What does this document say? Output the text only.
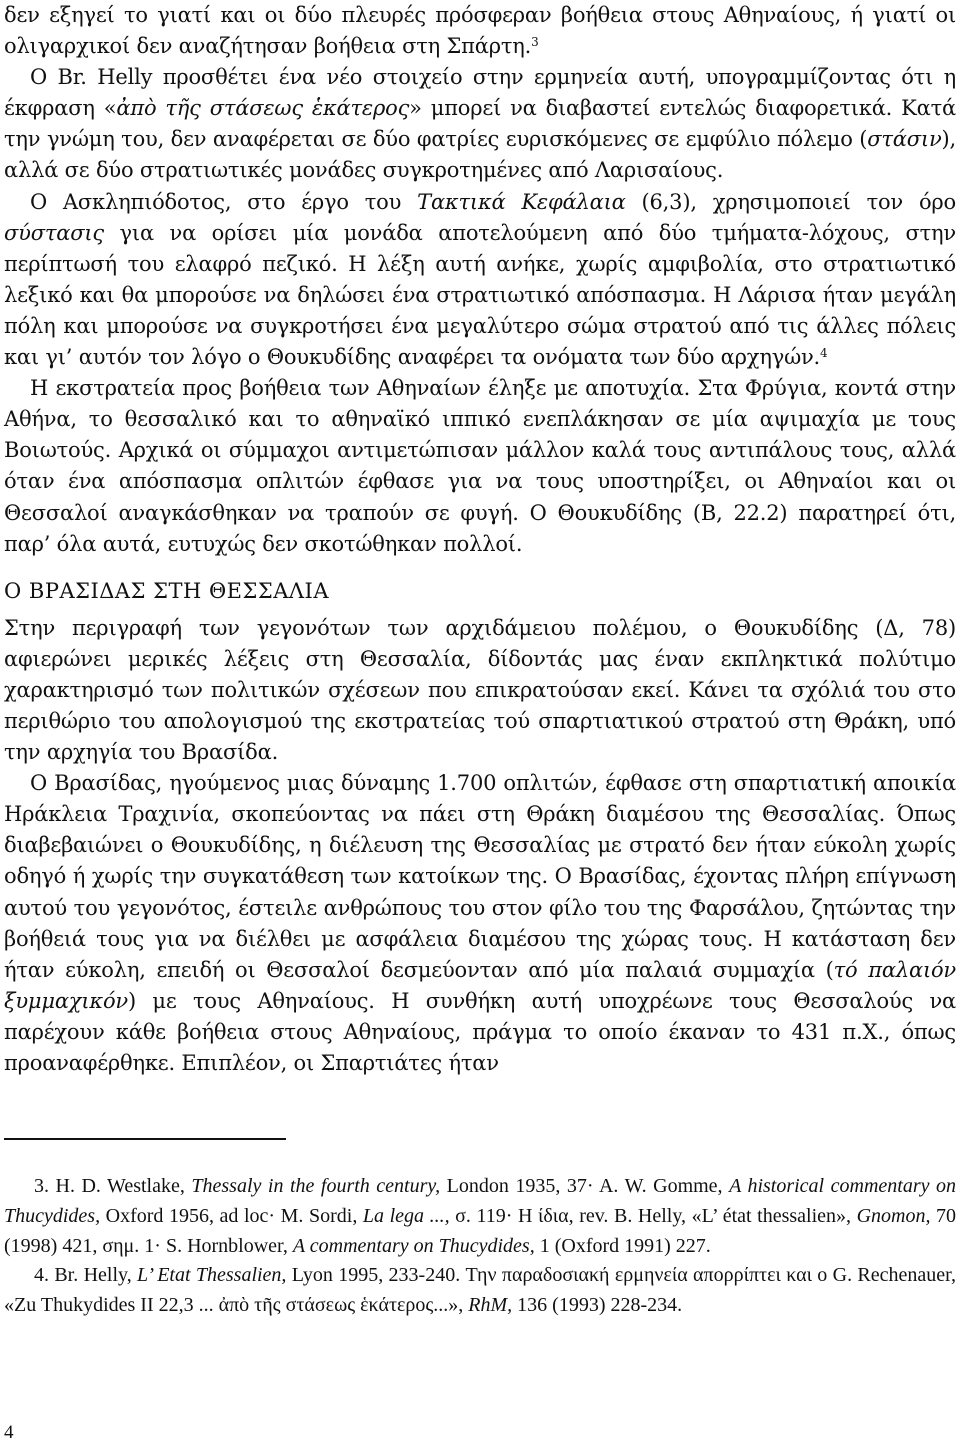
δεν εξηγεί το γιατί και οι δύο πλευρές πρόσφεραν βοήθεια στους Αθηναίους, ή γιατί οι ολιγαρχικοί δεν αναζήτησαν βοήθεια στη Σπάρτη.$^3$

Ο Br. Helly προσθέτει ένα νέο στοιχείο στην ερμηνεία αυτή, υπογραμμίζοντας ότι η έκφραση «ἀπὸ τῆς στάσεως ἑκάτερος» μπορεί να διαβαστεί εντελώς διαφορετικά. Κατά την γνώμη του, δεν αναφέρεται σε δύο φατρίες ευρισκόμενες σε εμφύλιο πόλεμο (στάσιν), αλλά σε δύο στρατιωτικές μονάδες συγκροτημένες από Λαρισαίους.

Ο Ασκληπιόδοτος, στο έργο του Τακτικά Κεφάλαια (6,3), χρησιμοποιεί τον όρο σύστασις για να ορίσει μία μονάδα αποτελούμενη από δύο τμήματα-λόχους, στην περίπτωσή του ελαφρό πεζικό. Η λέξη αυτή ανήκε, χωρίς αμφιβολία, στο στρατιωτικό λεξικό και θα μπορούσε να δηλώσει ένα στρατιωτικό απόσπασμα. Η Λάρισα ήταν μεγάλη πόλη και μπορούσε να συγκροτήσει ένα μεγαλύτερο σώμα στρατού από τις άλλες πόλεις και γι’ αυτόν τον λόγο ο Θουκυδίδης αναφέρει τα ονόματα των δύο αρχηγών.$^4$

Η εκστρατεία προς βοήθεια των Αθηναίων έληξε με αποτυχία. Στα Φρύγια, κοντά στην Αθήνα, το θεσσαλικό και το αθηναϊκό ιππικό ενεπλάκησαν σε μία αψιμαχία με τους Βοιωτούς. Αρχικά οι σύμμαχοι αντιμετώπισαν μάλλον καλά τους αντιπάλους τους, αλλά όταν ένα απόσπασμα οπλιτών έφθασε για να τους υποστηρίξει, οι Αθηναίοι και οι Θεσσαλοί αναγκάσθηκαν να τραπούν σε φυγή. Ο Θουκυδίδης (Β, 22.2) παρατηρεί ότι, παρ’ όλα αυτά, ευτυχώς δεν σκοτώθηκαν πολλοί.

Ο ΒΡΑΣΙΔΑΣ ΣΤΗ ΘΕΣΣΑΛΙΑ

Στην περιγραφή των γεγονότων των αρχιδάμειου πολέμου, ο Θουκυδίδης (Δ, 78) αφιερώνει μερικές λέξεις στη Θεσσαλία, δίδοντάς μας έναν εκπληκτικά πολύτιμο χαρακτηρισμό των πολιτικών σχέσεων που επικρατούσαν εκεί. Κάνει τα σχόλιά του στο περιθώριο του απολογισμού της εκστρατείας τού σπαρτιατικού στρατού στη Θράκη, υπό την αρχηγία του Βρασίδα.

Ο Βρασίδας, ηγούμενος μιας δύναμης 1.700 οπλιτών, έφθασε στη σπαρτιατική αποικία Ηράκλεια Τραχινία, σκοπεύοντας να πάει στη Θράκη διαμέσου της Θεσσαλίας. Όπως διαβεβαιώνει ο Θουκυδίδης, η διέλευση της Θεσσαλίας με στρατό δεν ήταν εύκολη χωρίς οδηγό ή χωρίς την συγκατάθεση των κατοίκων της. Ο Βρασίδας, έχοντας πλήρη επίγνωση αυτού του γεγονότος, έστειλε ανθρώπους του στον φίλο του της Φαρσάλου, ζητώντας την βοήθειά τους για να διέλθει με ασφάλεια διαμέσου της χώρας τους. Η κατάσταση δεν ήταν εύκολη, επειδή οι Θεσσαλοί δεσμεύονταν από μία παλαιά συμμαχία (τό παλαιόν ξυμμαχικόν) με τους Αθηναίους. Η συνθήκη αυτή υποχρέωνε τους Θεσσαλούς να παρέχουν κάθε βοήθεια στους Αθηναίους, πράγμα το οποίο έκαναν το 431 π.Χ., όπως προαναφέρθηκε. Επιπλέον, οι Σπαρτιάτες ήταν

3. H. D. Westlake, Thessaly in the fourth century, London 1935, 37· A. W. Gomme, A historical commentary on Thucydides, Oxford 1956, ad loc· M. Sordi, La lega ..., σ. 119· Η ίδια, rev. B. Helly, «L’ état thessalien», Gnomon, 70 (1998) 421, σημ. 1· S. Hornblower, A commentary on Thucydides, 1 (Oxford 1991) 227.

4. Br. Helly, L’ Etat Thessalien, Lyon 1995, 233-240. Την παραδοσιακή ερμηνεία απορρίπτει και ο G. Rechenauer, «Zu Thukydides II 22,3 ... ἀπὸ τῆς στάσεως ἑκάτερος...», RhM, 136 (1993) 228-234.

4
